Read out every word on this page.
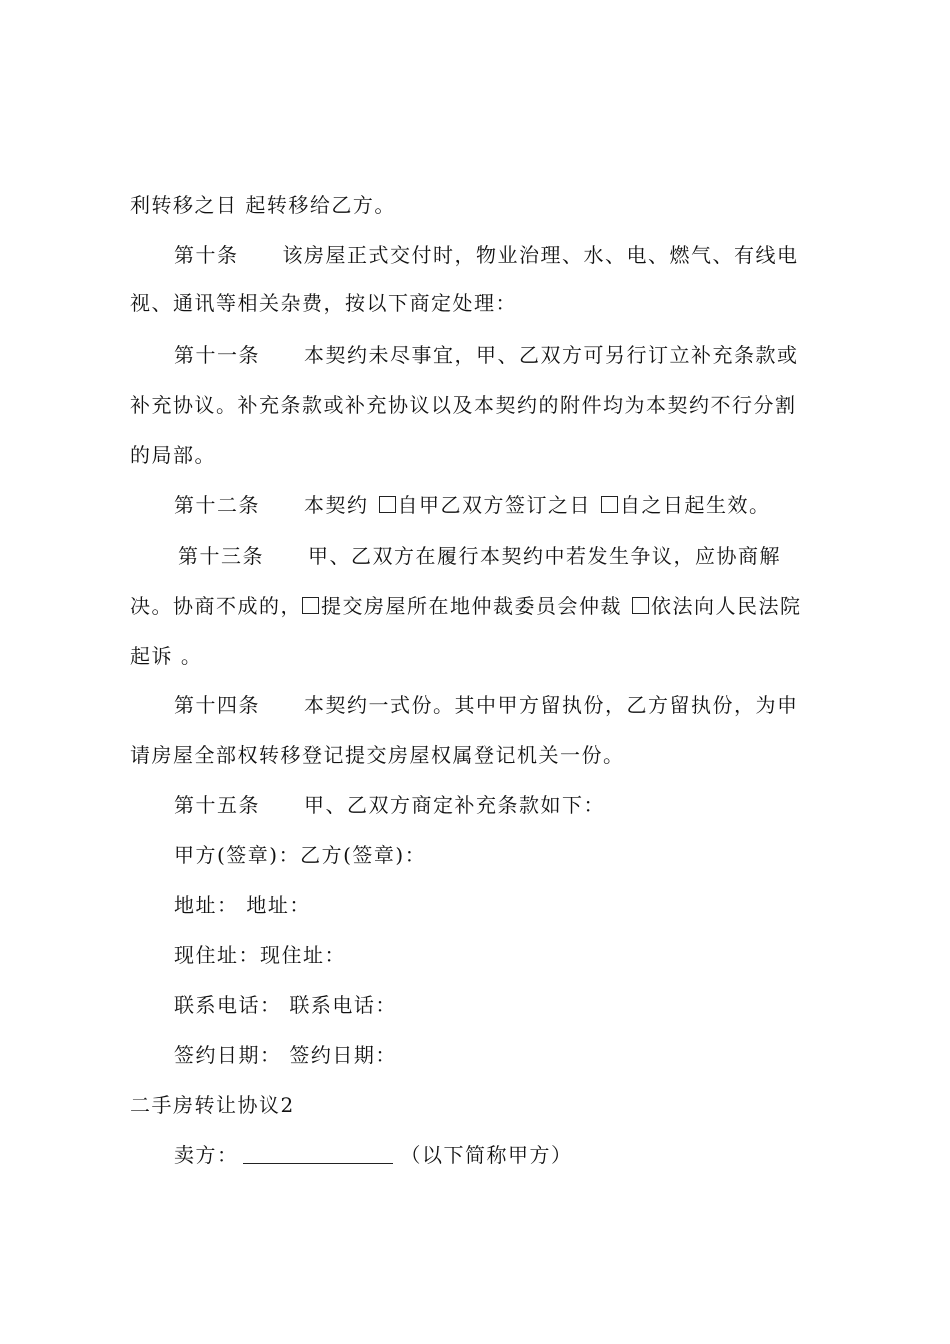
利转移之日 起转移给乙方。
第十条 该房屋正式交付时，物业治理、水、电、燃气、有线电
视、通讯等相关杂费，按以下商定处理：
第十一条 本契约未尽事宜，甲、乙双方可另行订立补充条款或
补充协议。补充条款或补充协议以及本契约的附件均为本契约不行分割
的局部。
第十二条 本契约 自甲乙双方签订之日 自之日起生效。
第十三条 甲、乙双方在履行本契约中若发生争议，应协商解
决。协商不成的， 提交房屋所在地仲裁委员会仲裁 依法向人民法院
起诉 。
第十四条 本契约一式份。其中甲方留执份，乙方留执份，为申
请房屋全部权转移登记提交房屋权属登记机关一份。
第十五条 甲、乙双方商定补充条款如下：
甲方(签章)：乙方(签章)：
地址： 地址：
现住址：现住址：
联系电话： 联系电话：
签约日期： 签约日期：
二手房转让协议2
卖方：	（以下简称甲方）
